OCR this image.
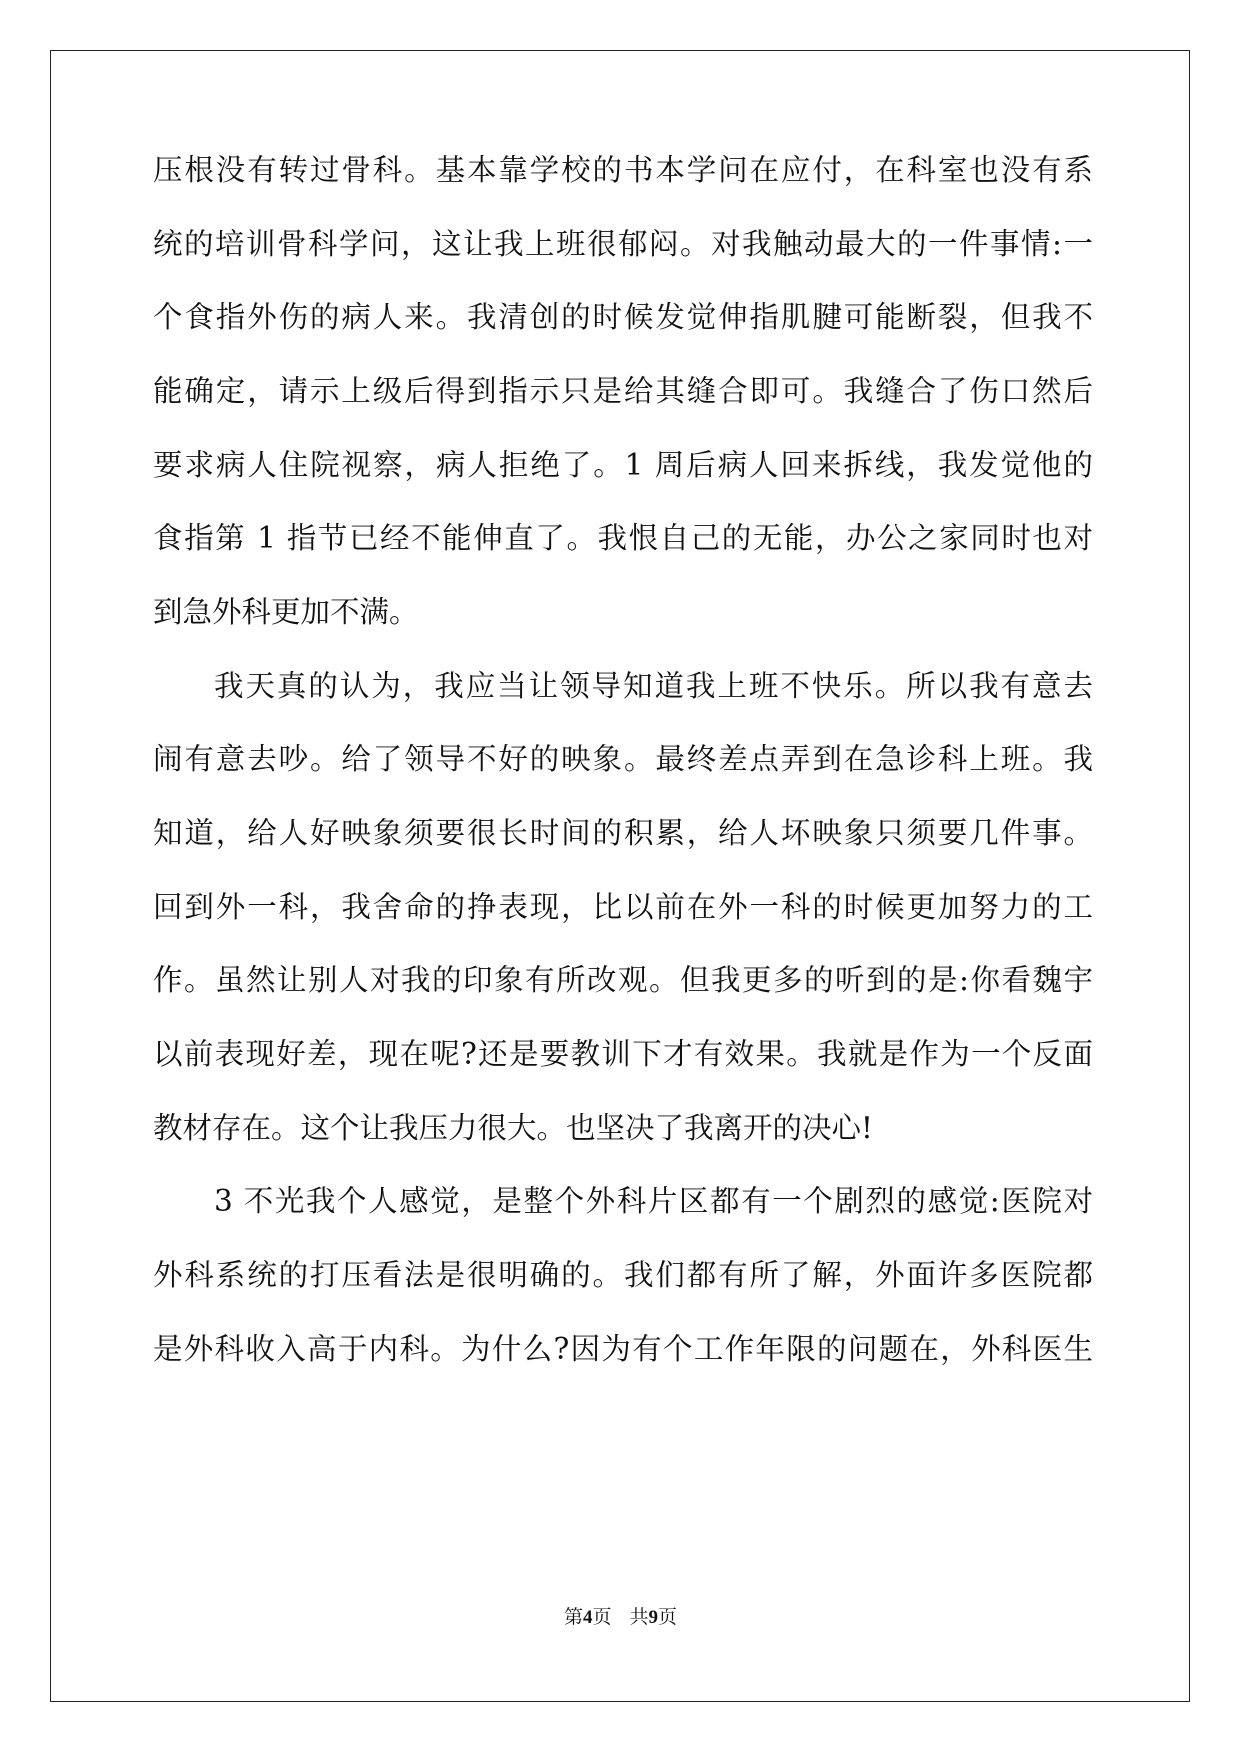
压根没有转过骨科。基本靠学校的书本学问在应付，在科室也没有系
统的培训骨科学问，这让我上班很郁闷。对我触动最大的一件事情:一
个食指外伤的病人来。我清创的时候发觉伸指肌腱可能断裂，但我不
能确定，请示上级后得到指示只是给其缝合即可。我缝合了伤口然后
要求病人住院视察，病人拒绝了。1 周后病人回来拆线，我发觉他的
食指第 1 指节已经不能伸直了。我恨自己的无能，办公之家同时也对
到急外科更加不满。
我天真的认为，我应当让领导知道我上班不快乐。所以我有意去
闹有意去吵。给了领导不好的映象。最终差点弄到在急诊科上班。我
知道，给人好映象须要很长时间的积累，给人坏映象只须要几件事。
回到外一科，我舍命的挣表现，比以前在外一科的时候更加努力的工
作。虽然让别人对我的印象有所改观。但我更多的听到的是:你看魏宇
以前表现好差，现在呢?还是要教训下才有效果。我就是作为一个反面
教材存在。这个让我压力很大。也坚决了我离开的决心!
3 不光我个人感觉，是整个外科片区都有一个剧烈的感觉:医院对
外科系统的打压看法是很明确的。我们都有所了解，外面许多医院都
是外科收入高于内科。为什么?因为有个工作年限的问题在，外科医生
第4页 共9页
